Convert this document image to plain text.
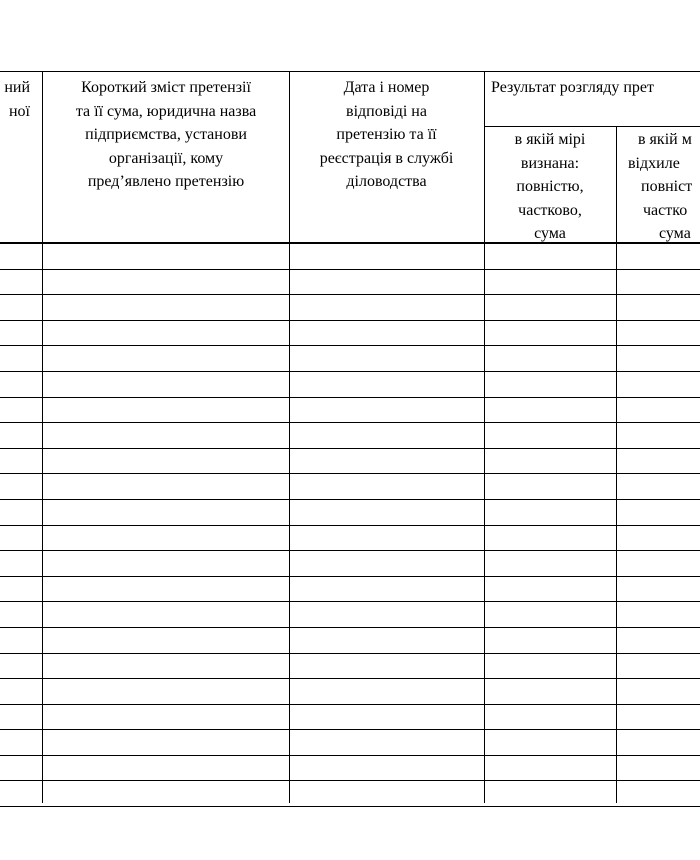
ний
ної
Короткий зміст претензії
та її сума, юридична назва
підприємства, установи
організації, кому
пред’явлено претензію
Дата і номер
відповіді на
претензію та її
реєстрація в службі
діловодства
Результат розгляду прет
в якій мірі
визнана:
повністю,
частково,
сума
в якій м
відхиле
повніст
частко
сума
